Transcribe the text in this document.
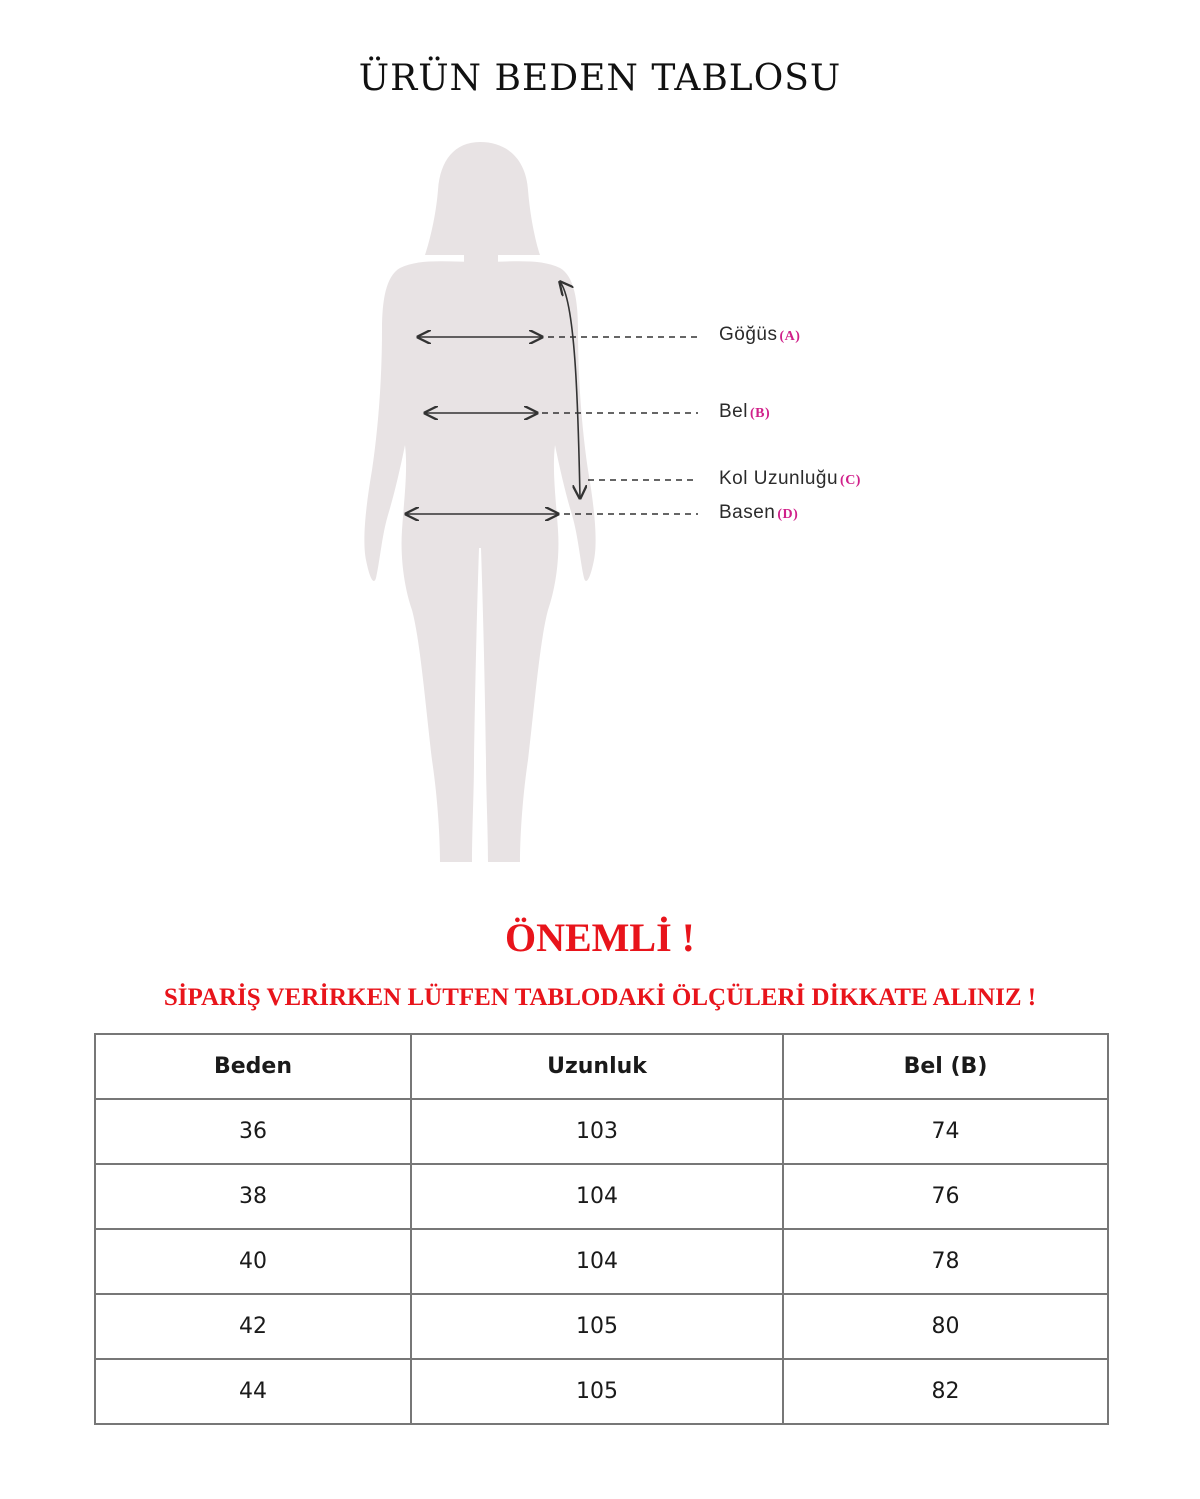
ÜRÜN BEDEN TABLOSU
Göğüs (A)
Bel (B)
Kol Uzunluğu (C)
Basen (D)
ÖNEMLİ !
SİPARİŞ VERİRKEN LÜTFEN TABLODAKİ ÖLÇÜLERİ DİKKATE ALINIZ !
Beden	Uzunluk	Bel (B)
36	103	74
38	104	76
40	104	78
42	105	80
44	105	82
